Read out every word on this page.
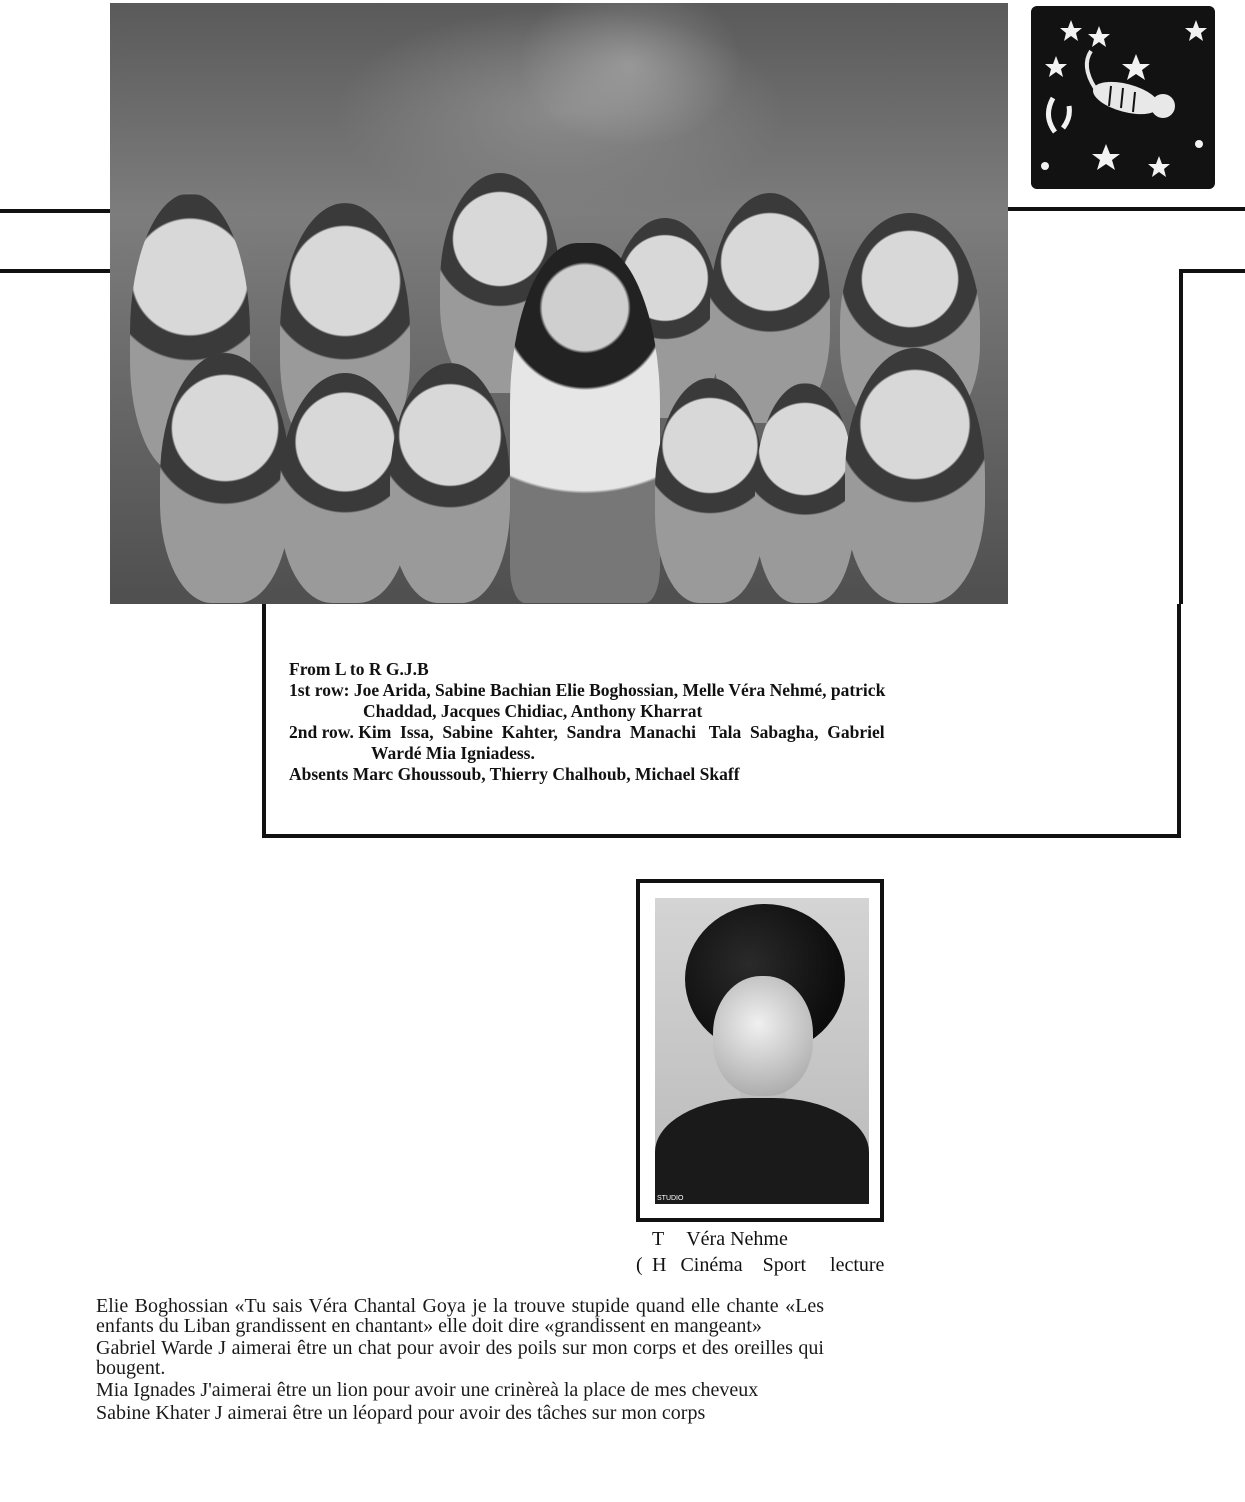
From L to R G.J.B
1st row: Joe Arida, Sabine Bachian Elie Boghossian, Melle Véra Nehmé, patrick
Chaddad, Jacques Chidiac, Anthony Kharrat
2nd row. Kim  Issa,  Sabine  Kahter,  Sandra  Manachi   Tala  Sabagha,  Gabriel
Wardé Mia Igniadess.
Absents Marc Ghoussoub, Thierry Chalhoub, Michael Skaff
STUDIO
T Véra Nehme
( H Cinéma Sport lecture
Elie Boghossian «Tu sais Véra Chantal Goya je la trouve stupide quand elle chante «Les enfants du Liban grandissent en chantant» elle doit dire «grandissent en mangeant»
Gabriel Warde J aimerai être un chat pour avoir des poils sur mon corps et des oreilles qui bougent.
Mia Ignades J'aimerai être un lion pour avoir une crinèreà la place de mes cheveux
Sabine Khater J aimerai être un léopard pour avoir des tâches sur mon corps
